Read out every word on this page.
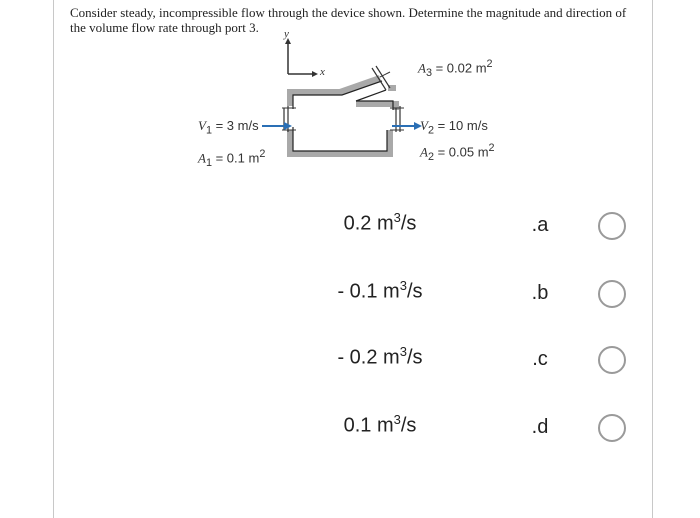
Consider steady, incompressible flow through the device shown. Determine the magnitude and direction of the volume flow rate through port 3.	y
x	$A_3 = 0.02$ $m^2$
$V_1 = 3$ m/s
$A_1 = 0.1$ $m^2$
$V_2 = 10$ m/s
$A_2 = 0.05$ $m^2$
0.2 $m^3/s$	.a
- 0.1 $m^3/s$	.b
- 0.2 $m^3/s$	.c
0.1 $m^3/s$	.d
